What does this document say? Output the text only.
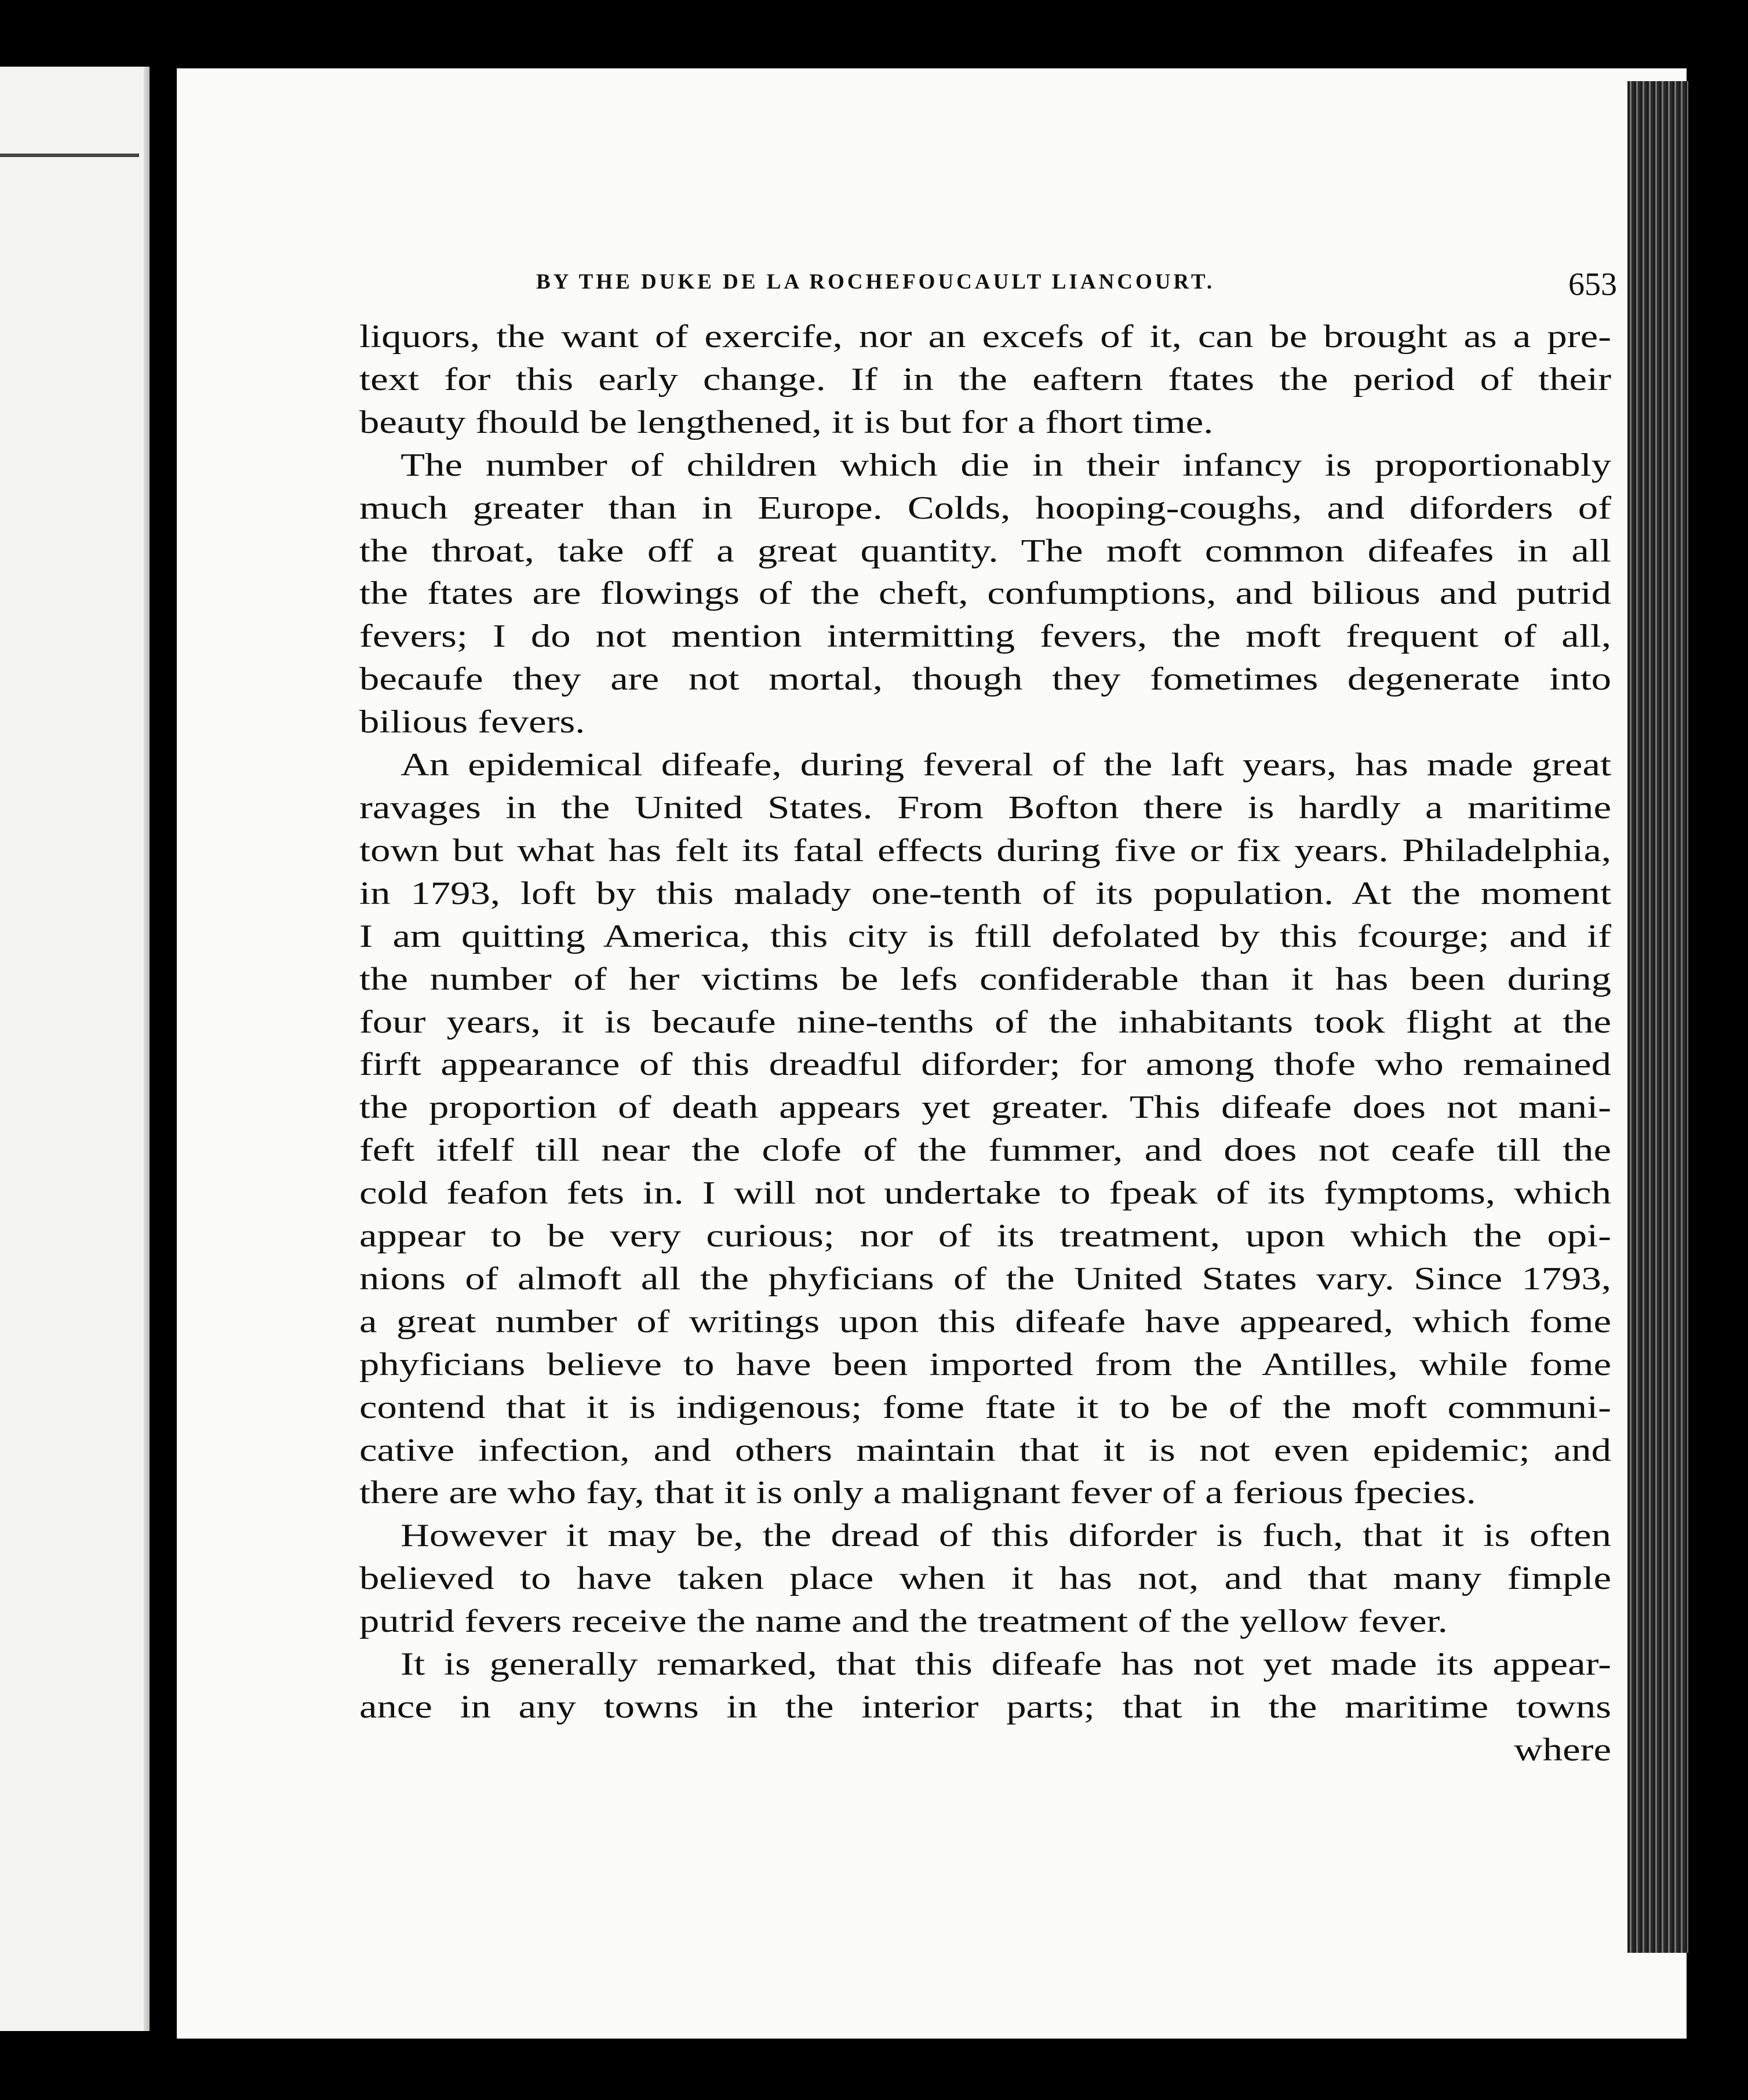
BY THE DUKE DE LA ROCHEFOUCAULT LIANCOURT.	653
liquors, the want of exercife, nor an excefs of it, can be brought as a pre-
text for this early change. If in the eaftern ftates the period of their
beauty fhould be lengthened, it is but for a fhort time.
The number of children which die in their infancy is proportionably
much greater than in Europe. Colds, hooping-coughs, and diforders of
the throat, take off a great quantity. The moft common difeafes in all
the ftates are flowings of the cheft, confumptions, and bilious and putrid
fevers; I do not mention intermitting fevers, the moft frequent of all,
becaufe they are not mortal, though they fometimes degenerate into
bilious fevers.
An epidemical difeafe, during feveral of the laft years, has made great
ravages in the United States. From Bofton there is hardly a maritime
town but what has felt its fatal effects during five or fix years. Philadelphia,
in 1793, loft by this malady one-tenth of its population. At the moment
I am quitting America, this city is ftill defolated by this fcourge; and if
the number of her victims be lefs confiderable than it has been during
four years, it is becaufe nine-tenths of the inhabitants took flight at the
firft appearance of this dreadful diforder; for among thofe who remained
the proportion of death appears yet greater. This difeafe does not mani-
feft itfelf till near the clofe of the fummer, and does not ceafe till the
cold feafon fets in. I will not undertake to fpeak of its fymptoms, which
appear to be very curious; nor of its treatment, upon which the opi-
nions of almoft all the phyficians of the United States vary. Since 1793,
a great number of writings upon this difeafe have appeared, which fome
phyficians believe to have been imported from the Antilles, while fome
contend that it is indigenous; fome ftate it to be of the moft communi-
cative infection, and others maintain that it is not even epidemic; and
there are who fay, that it is only a malignant fever of a ferious fpecies.
However it may be, the dread of this diforder is fuch, that it is often
believed to have taken place when it has not, and that many fimple
putrid fevers receive the name and the treatment of the yellow fever.
It is generally remarked, that this difeafe has not yet made its appear-
ance in any towns in the interior parts; that in the maritime towns
where
